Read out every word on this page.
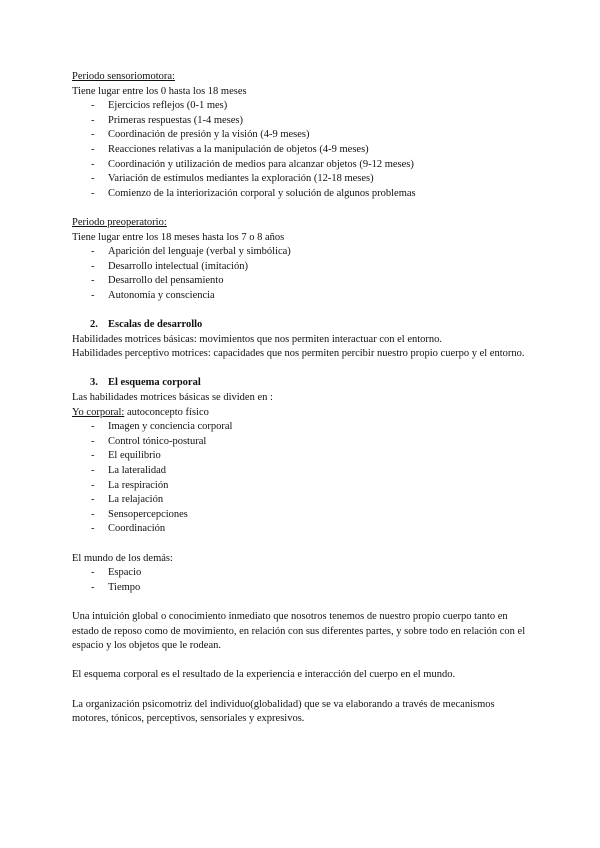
Periodo sensoriomotora:

Tiene lugar entre los 0 hasta los 18 meses

- Ejercicios reflejos (0-1 mes)
- Primeras respuestas (1-4 meses)
- Coordinación de presión y la visión (4-9 meses)
- Reacciones relativas a la manipulación de objetos (4-9 meses)
- Coordinación y utilización de medios para alcanzar objetos (9-12 meses)
- Variación de estímulos mediantes la exploración (12-18 meses)
- Comienzo de la interiorización corporal y solución de algunos problemas

Periodo preoperatorio:

Tiene lugar entre los 18 meses hasta los 7 o 8 años

- Aparición del lenguaje (verbal y simbólica)
- Desarrollo intelectual (imitación)
- Desarrollo del pensamiento
- Autonomía y consciencia

2. Escalas de desarrollo

Habilidades motrices básicas: movimientos que nos permiten interactuar con el entorno.

Habilidades perceptivo motrices: capacidades que nos permiten percibir nuestro propio cuerpo y el entorno.

3. El esquema corporal

Las habilidades motrices básicas se dividen en :

Yo corporal: autoconcepto físico

- Imagen y conciencia corporal
- Control tónico-postural
- El equilibrio
- La lateralidad
- La respiración
- La relajación
- Sensopercepciones
- Coordinación

El mundo de los demás:

- Espacio
- Tiempo

Una intuición global o conocimiento inmediato que nosotros tenemos de nuestro propio cuerpo tanto en estado de reposo como de movimiento, en relación con sus diferentes partes, y sobre todo en relación con el espacio y los objetos que le rodean.

El esquema corporal es el resultado de la experiencia e interacción del cuerpo en el mundo.

La organización psicomotriz del individuo(globalidad) que se va elaborando a través de mecanismos motores, tónicos, perceptivos, sensoriales y expresivos.
